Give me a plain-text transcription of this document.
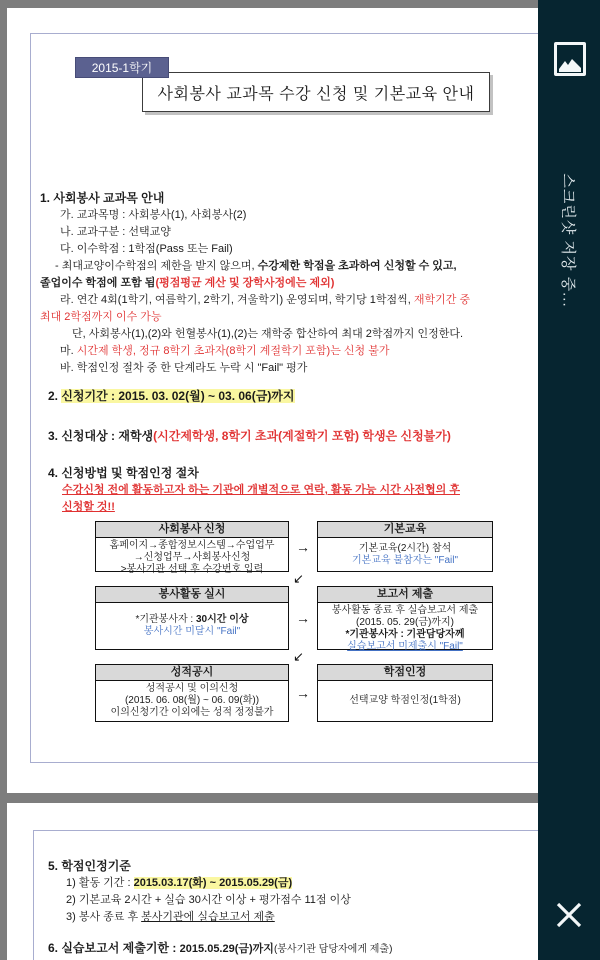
2015-1학기
사회봉사 교과목 수강 신청 및 기본교육 안내
1. 사회봉사 교과목 안내
가. 교과목명 : 사회봉사(1), 사회봉사(2)
나. 교과구분 : 선택교양
다. 이수학점 : 1학점(Pass 또는 Fail)
- 최대교양이수학점의 제한을 받지 않으며, 수강제한 학점을 초과하여 신청할 수 있고,
졸업이수 학점에 포함 됨(평점평균 계산 및 장학사정에는 제외)
라. 연간 4회(1학기, 여름학기, 2학기, 겨울학기) 운영되며, 학기당 1학점씩, 재학기간 중
최대 2학점까지 이수 가능
단, 사회봉사(1),(2)와 헌혈봉사(1),(2)는 재학중 합산하여 최대 2학점까지 인정한다.
마. 시간제 학생, 정규 8학기 초과자(8학기 계절학기 포함)는 신청 불가
바. 학점인정 절차 중 한 단계라도 누락 시 "Fail" 평가
2. 신청기간 : 2015. 03. 02(월) ~ 03. 06(금)까지
3. 신청대상 : 재학생(시간제학생, 8학기 초과(계절학기 포함) 학생은 신청불가)
4. 신청방법 및 학점인정 절차
수강신청 전에 활동하고자 하는 기관에 개별적으로 연락, 활동 가능 시간 사전협의 후
신청할 것!!
사회봉사 신청
홈페이지→종합정보시스템→수업업무
→신청업무→사회봉사신청
>봉사기관 선택 후 수강번호 입력
→
기본교육
기본교육(2시간) 참석
기본교육 불참자는 "Fail"
↙
봉사활동 실시
*기관봉사자 : 30시간 이상
봉사시간 미달시 "Fail"
→
보고서 제출
봉사활동 종료 후 실습보고서 제출
(2015. 05. 29(금)까지)
*기관봉사자 : 기관담당자께
실습보고서 미제출시 "Fail"
↙
성적공시
성적공시 및 이의신청
(2015. 06. 08(월) ~ 06. 09(화))
이의신청기간 이외에는 성적 정정불가
→
학점인정
선택교양 학점인정(1학점)
5. 학점인정기준
1) 활동 기간 : 2015.03.17(화) ~ 2015.05.29(금)
2) 기본교육 2시간 + 실습 30시간 이상 + 평가점수 11점 이상
3) 봉사 종료 후 봉사기관에 실습보고서 제출
6. 실습보고서 제출기한 : 2015.05.29(금)까지(봉사기관 담당자에게 제출)
스크린샷 저장 중...
